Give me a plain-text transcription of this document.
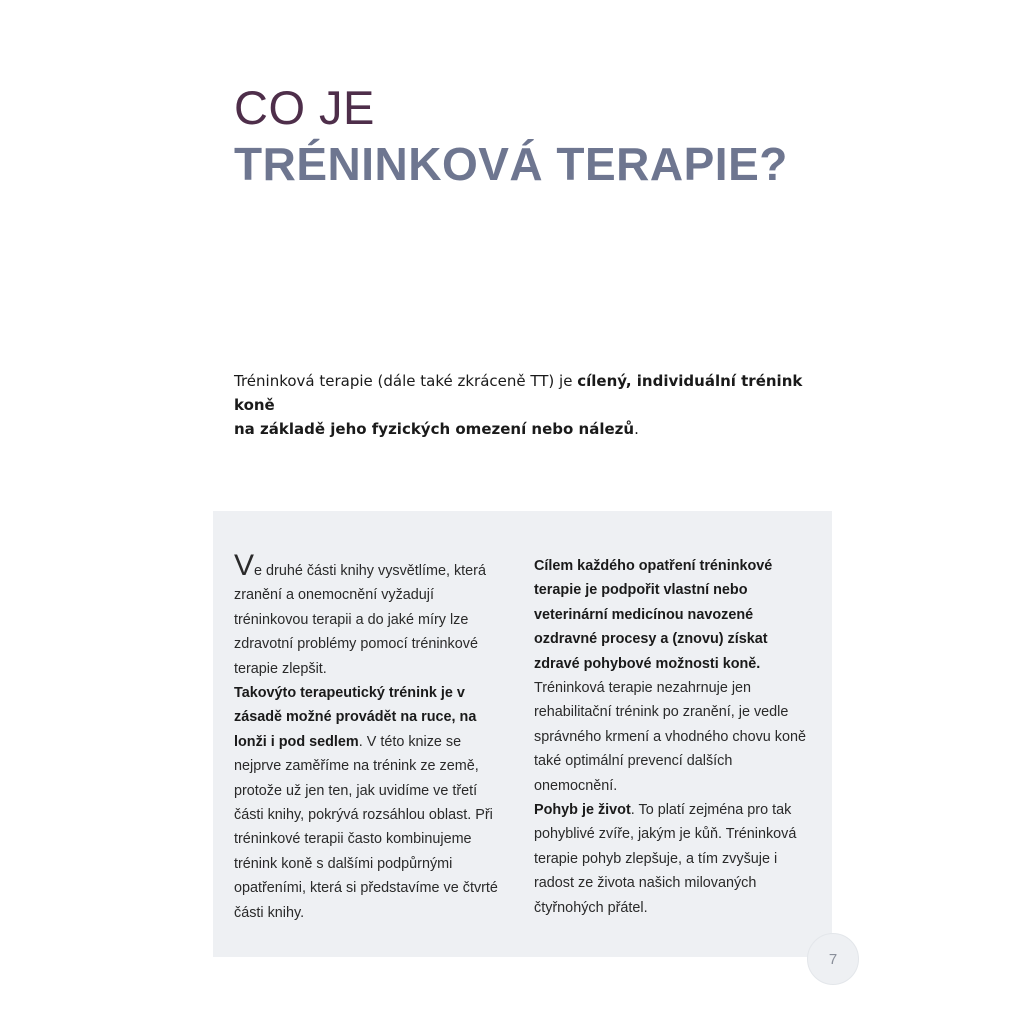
CO JE
TRÉNINKOVÁ TERAPIE?

Tréninková terapie (dále také zkráceně TT) je cílený, individuální trénink koně
na základě jeho fyzických omezení nebo nálezů.

Ve druhé části knihy vysvětlíme, která zranění a onemocnění vyžadují tréninkovou terapii a do jaké míry lze zdravotní problémy pomocí tréninkové terapie zlepšit.

Takovýto terapeutický trénink je v zásadě možné provádět na ruce, na lonži i pod sedlem. V této knize se nejprve zaměříme na trénink ze země, protože už jen ten, jak uvidíme ve třetí části knihy, pokrývá rozsáhlou oblast. Při tréninkové terapii často kombinujeme trénink koně s dalšími podpůrnými opatřeními, která si představíme ve čtvrté části knihy.

Cílem každého opatření tréninkové terapie je podpořit vlastní nebo veterinární medicínou navozené ozdravné procesy a (znovu) získat zdravé pohybové možnosti koně.

Tréninková terapie nezahrnuje jen rehabilitační trénink po zranění, je vedle správného krmení a vhodného chovu koně také optimální prevencí dalších onemocnění.

Pohyb je život. To platí zejména pro tak pohyblivé zvíře, jakým je kůň. Tréninková terapie pohyb zlepšuje, a tím zvyšuje i radost ze života našich milovaných čtyřnohých přátel.

7
